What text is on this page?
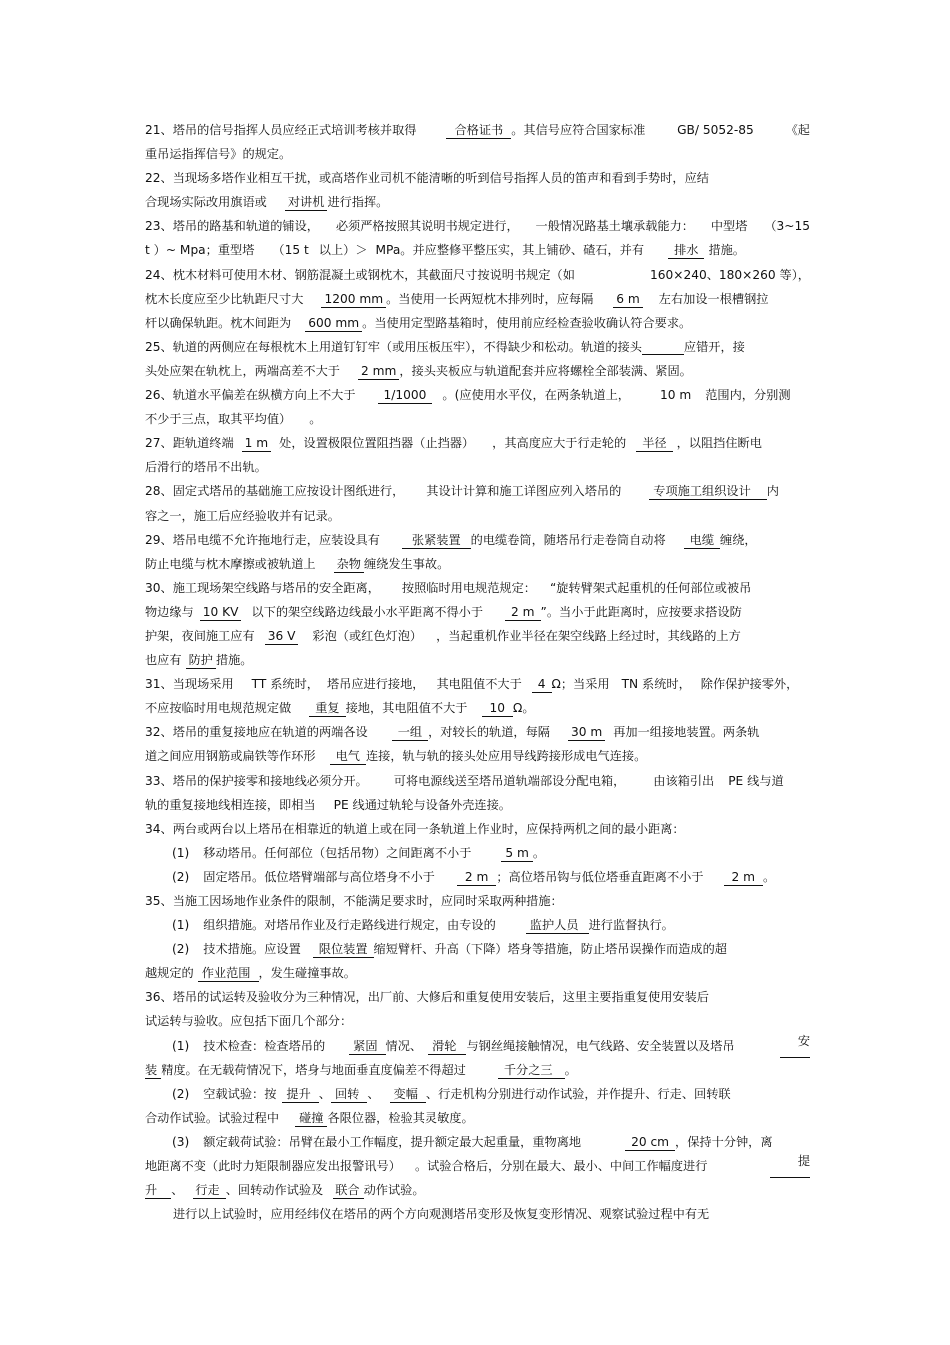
21、塔吊的信号指挥人员应经正式培训考核并取得	合格证书 。其信号应符合国家标准	GB/ 5052-85	《起
重吊运指挥信号》的规定。
22、当现场多塔作业相互干扰，或高塔作业司机不能清晰的听到信号指挥人员的笛声和看到手势时，应结
合现场实际改用旗语或 对讲机 进行指挥。
23、塔吊的路基和轨道的铺设， 必须严格按照其说明书规定进行， 一般情况路基土壤承载能力： 中型塔 （3~15
t ）~ Mpa；重型塔 （15 t 以上）＞ MPa。并应整修平整压实，其上铺砂、碴石，并有 排水 措施。
24、枕木材料可使用木材、钢筋混凝土或钢枕木，其截面尺寸按说明书规定（如	160×240、180×260 等），
枕木长度应至少比轨距尺寸大 1200 mm 。当使用一长两短枕木排列时，应每隔 6 m 左右加设一根槽钢拉
杆以确保轨距。枕木间距为 600 mm 。当使用定型路基箱时，使用前应经检查验收确认符合要求。
25、轨道的两侧应在每根枕木上用道钉钉牢（或用压板压牢），不得缺少和松动。轨道的接头	应错开，接
头处应架在轨枕上，两端高差不大于 2 mm ，接头夹板应与轨道配套并应将螺栓全部装满、紧固。
26、轨道水平偏差在纵横方向上不大于 1/1000 。(应使用水平仪，在两条轨道上， 10 m 范围内，分别测
不少于三点，取其平均值） 。
27、距轨道终端 1 m 处，设置极限位置阻挡器（止挡器） ，其高度应大于行走轮的 半径 ，以阻挡住断电
后滑行的塔吊不出轨。
28、固定式塔吊的基础施工应按设计图纸进行， 其设计计算和施工详图应列入塔吊的	专项施工组织设计 内
容之一，施工后应经验收并有记录。
29、塔吊电缆不允许拖地行走，应装设具有	张紧装置 的电缆卷筒，随塔吊行走卷筒自动将 电缆 缠绕，
防止电缆与枕木摩擦或被轨道上 杂物 缠绕发生事故。
30、施工现场架空线路与塔吊的安全距离， 按照临时用电规范规定： “旋转臂架式起重机的任何部位或被吊
物边缘与 10 KV 以下的架空线路边线最小水平距离不得小于 2 m ”。当小于此距离时，应按要求搭设防
护架，夜间施工应有 36 V 彩泡（或红色灯泡） ，当起重机作业半径在架空线路上经过时，其线路的上方
也应有 防护 措施。
31、当现场采用 TT 系统时， 塔吊应进行接地， 其电阻值不大于 4 Ω；当采用 TN 系统时， 除作保护接零外，
不应按临时用电规范规定做 重复 接地，其电阻值不大于 10 Ω。
32、塔吊的重复接地应在轨道的两端各设 一组 ，对较长的轨道，每隔 30 m 再加一组接地装置。两条轨
道之间应用钢筋或扁铁等作环形 电气 连接，轨与轨的接头处应用导线跨接形成电气连接。
33、塔吊的保护接零和接地线必须分开。 可将电源线送至塔吊道轨端部设分配电箱， 由该箱引出 PE 线与道
轨的重复接地线相连接，即相当 PE 线通过轨轮与设备外壳连接。
34、两台或两台以上塔吊在相靠近的轨道上或在同一条轨道上作业时，应保持两机之间的最小距离：
(1) 移动塔吊。任何部位（包括吊物）之间距离不小于	5 m 。
(2) 固定塔吊。低位塔臂端部与高位塔身不小于 2 m ；高位塔吊钩与低位塔垂直距离不小于 2 m 。
35、当施工因场地作业条件的限制，不能满足要求时，应同时采取两种措施：
(1) 组织措施。对塔吊作业及行走路线进行规定，由专设的	监护人员 进行监督执行。
(2) 技术措施。应设置 限位装置 缩短臂杆、升高（下降）塔身等措施，防止塔吊误操作而造成的超
越规定的 作业范围 ，发生碰撞事故。
36、塔吊的试运转及验收分为三种情况，出厂前、大修后和重复使用安装后，这里主要指重复使用安装后
试运转与验收。应包括下面几个部分：
(1) 技术检查：检查塔吊的 紧固 情况、 滑轮 与钢丝绳接触情况，电气线路、安全装置以及塔吊	安
装 精度。在无载荷情况下，塔身与地面垂直度偏差不得超过	千分之三 。
(2) 空载试验：按 提升 、 回转 、 变幅 、行走机构分别进行动作试验，并作提升、行走、回转联
合动作试验。试验过程中 碰撞 各限位器，检验其灵敏度。
(3) 额定载荷试验：吊臂在最小工作幅度，提升额定最大起重量，重物离地	20 cm ，保持十分钟，离
地距离不变（此时力矩限制器应发出报警讯号） 。试验合格后，分别在最大、最小、中间工作幅度进行	提
升 、 行走 、回转动作试验及 联合 动作试验。
进行以上试验时，应用经纬仪在塔吊的两个方向观测塔吊变形及恢复变形情况、观察试验过程中有无
